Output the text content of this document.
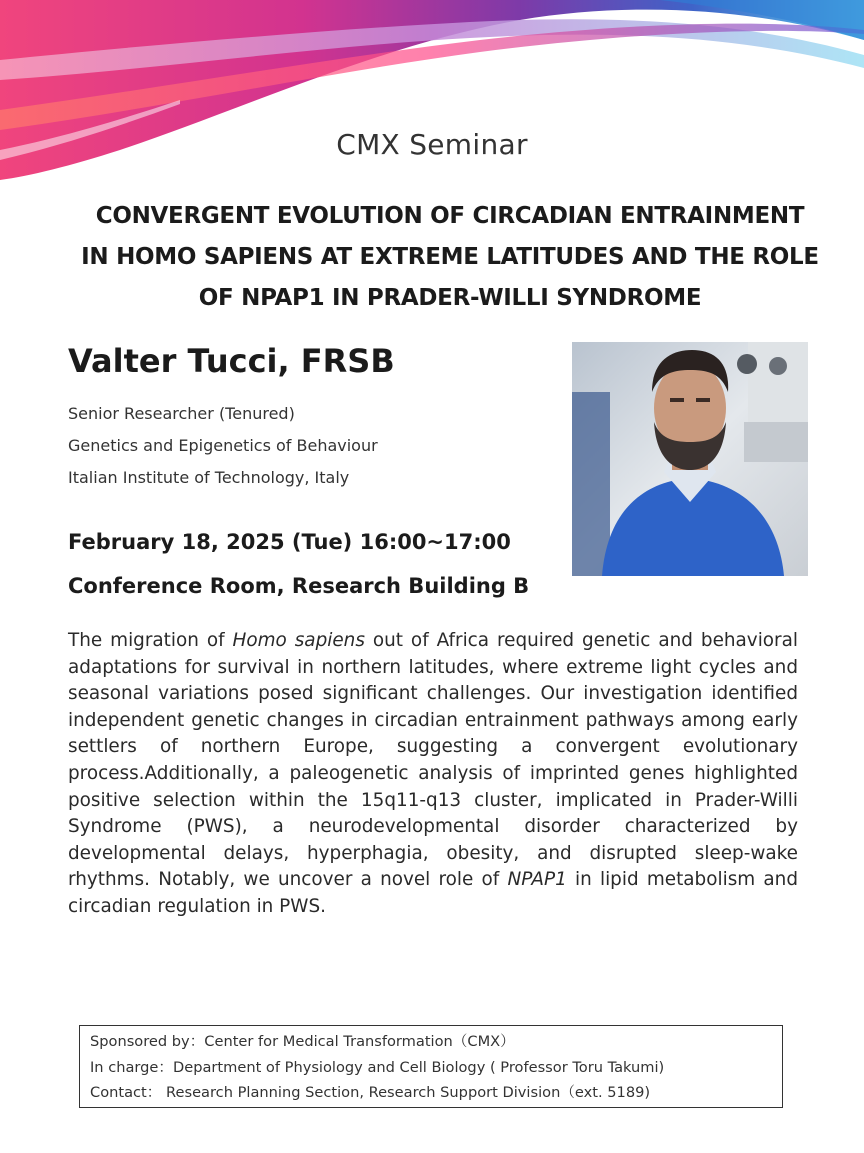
CMX Seminar
CONVERGENT EVOLUTION OF CIRCADIAN ENTRAINMENT
IN HOMO SAPIENS AT EXTREME LATITUDES AND THE ROLE
OF NPAP1 IN PRADER-WILLI SYNDROME
Valter Tucci, FRSB
Senior Researcher (Tenured)
Genetics and Epigenetics of Behaviour
Italian Institute of Technology, Italy
February 18, 2025 (Tue) 16:00~17:00
Conference Room, Research Building B
The migration of Homo sapiens out of Africa required genetic and behavioral adaptations for survival in northern latitudes, where extreme light cycles and seasonal variations posed significant challenges. Our investigation identified independent genetic changes in circadian entrainment pathways among early settlers of northern Europe, suggesting a convergent evolutionary process.Additionally, a paleogenetic analysis of imprinted genes highlighted positive selection within the 15q11-q13 cluster, implicated in Prader-Willi Syndrome (PWS), a neurodevelopmental disorder characterized by developmental delays, hyperphagia, obesity, and disrupted sleep-wake rhythms. Notably, we uncover a novel role of NPAP1 in lipid metabolism and circadian regulation in PWS.
Sponsored by：Center for Medical Transformation（CMX）
In charge：Department of Physiology and Cell Biology ( Professor Toru Takumi)
Contact： Research Planning Section, Research Support Division（ext. 5189)
